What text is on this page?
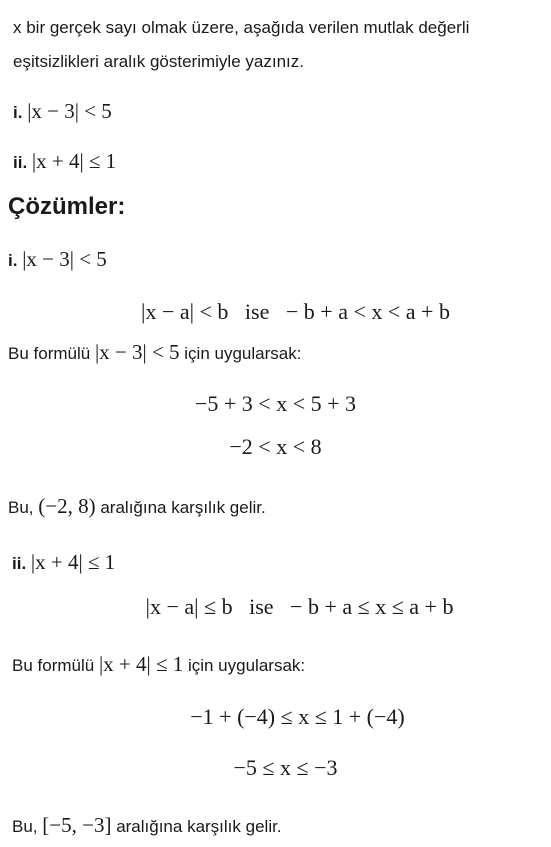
x bir gerçek sayı olmak üzere, aşağıda verilen mutlak değerli
eşitsizlikleri aralık gösterimiyle yazınız.
i. |x − 3| < 5
ii. |x + 4| ≤ 1
Çözümler:
i. |x − 3| < 5
|x − a| < b   ise   − b + a < x < a + b
Bu formülü |x − 3| < 5 için uygularsak:
−5 + 3 < x < 5 + 3
−2 < x < 8
Bu, (−2, 8) aralığına karşılık gelir.
ii. |x + 4| ≤ 1
|x − a| ≤ b   ise   − b + a ≤ x ≤ a + b
Bu formülü |x + 4| ≤ 1 için uygularsak:
−1 + (−4) ≤ x ≤ 1 + (−4)
−5 ≤ x ≤ −3
Bu, [−5, −3] aralığına karşılık gelir.
